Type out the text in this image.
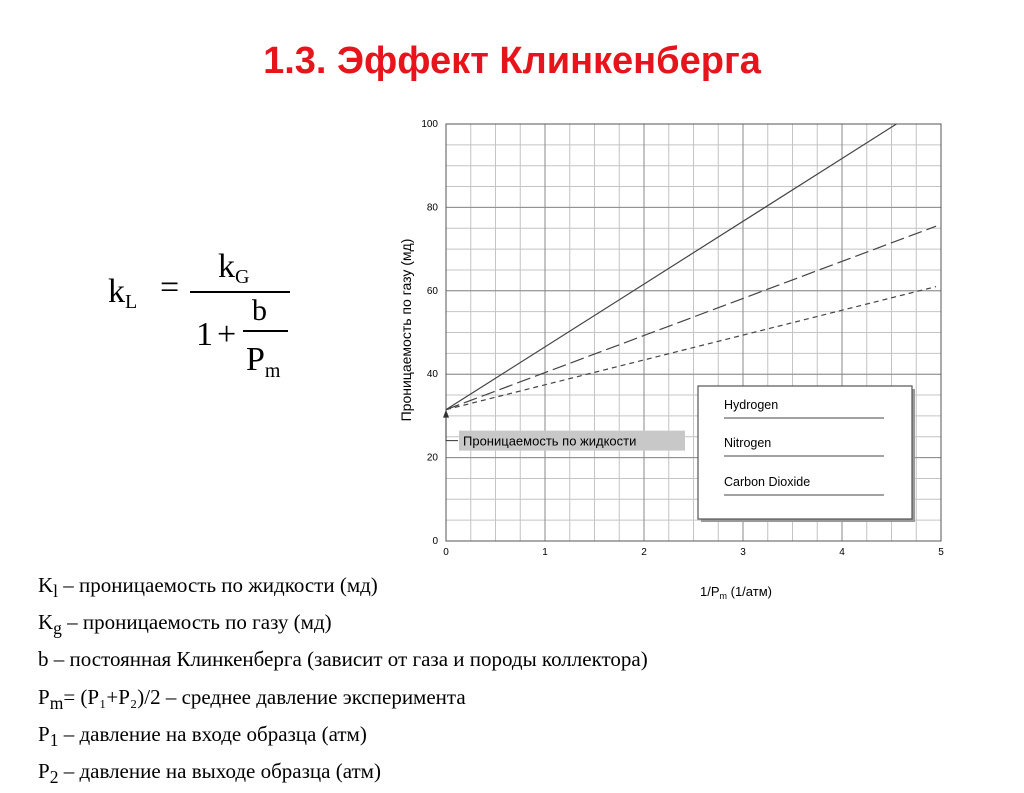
1.3. Эффект Клинкенберга
kL =
kG
1 +
b
$P_m$
0
20
40
60
80
100
0	1	2	3	4	5
Проницаемость по жидкости
Hydrogen
Nitrogen
Carbon Dioxide
Проницаемость по газу (мд)
$1/P_m$ (1/атм)
$K_l$ – проницаемость по жидкости (мд)
$K_g$ – проницаемость по газу (мд)
b – постоянная Клинкенберга (зависит от газа и породы коллектора)
$P_m= (P_1+P_2)/2$ – среднее давление эксперимента
$P_1$ – давление на входе образца (атм)
$P_2$ – давление на выходе образца (атм)
